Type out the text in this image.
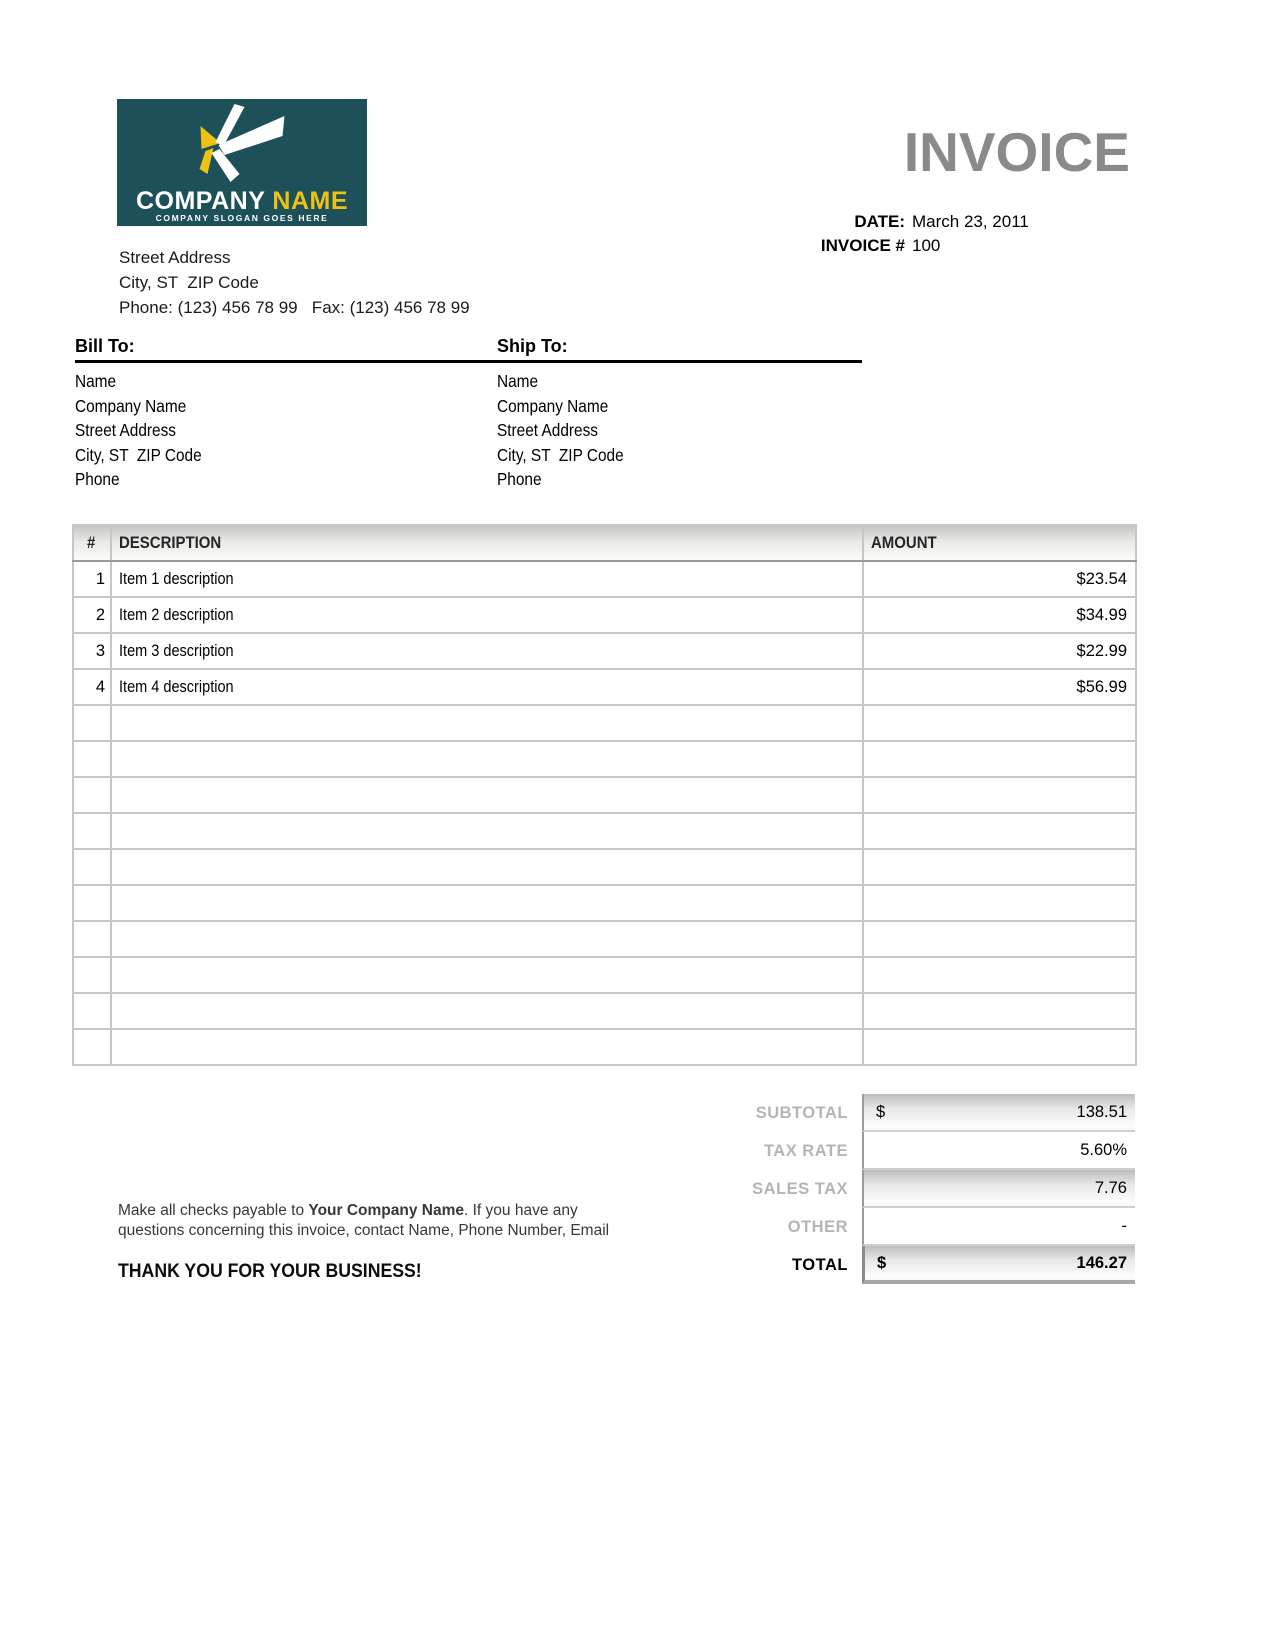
COMPANY NAME
COMPANY SLOGAN GOES HERE
Street Address
City, ST  ZIP Code
Phone: (123) 456 78 99   Fax: (123) 456 78 99
INVOICE
DATE: March 23, 2011
INVOICE # 100
Bill To:	Ship To:
Name
Company Name
Street Address
City, ST  ZIP Code
Phone
Name
Company Name
Street Address
City, ST  ZIP Code
Phone
#	DESCRIPTION	AMOUNT
1	Item 1 description	$23.54
2	Item 2 description	$34.99
3	Item 3 description	$22.99
4	Item 4 description	$56.99

SUBTOTAL	$	138.51
TAX RATE	5.60%
SALES TAX	7.76
OTHER	-
TOTAL	$	146.27
Make all checks payable to Your Company Name. If you have any questions concerning this invoice, contact Name, Phone Number, Email
THANK YOU FOR YOUR BUSINESS!
